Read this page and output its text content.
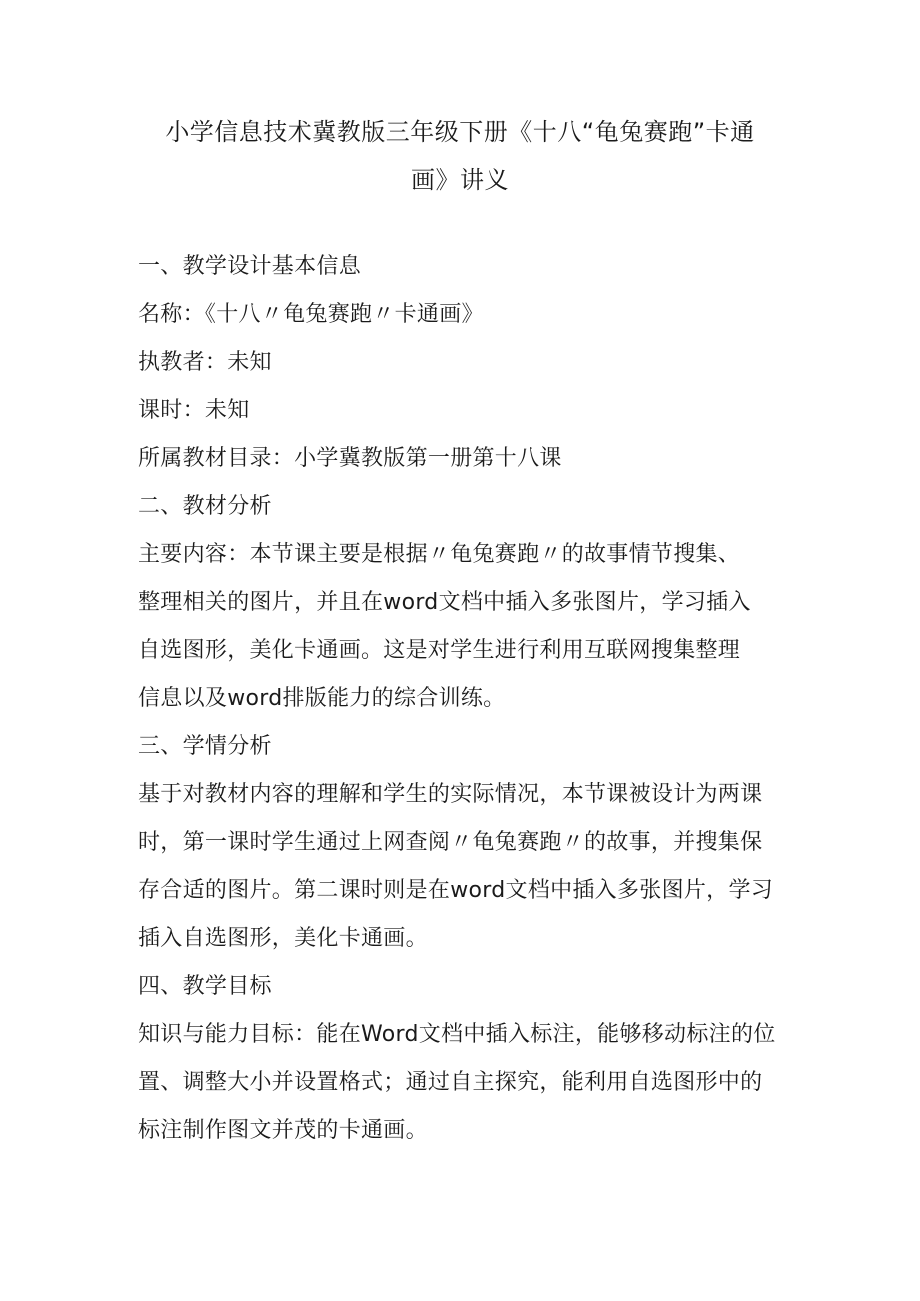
小学信息技术冀教版三年级下册《十八“龟兔赛跑”卡通
画》讲义
一、教学设计基本信息
名称：《十八〃龟兔赛跑〃卡通画》
执教者：未知
课时：未知
所属教材目录：小学冀教版第一册第十八课
二、教材分析
主要内容：本节课主要是根据〃龟兔赛跑〃的故事情节搜集、
整理相关的图片，并且在word文档中插入多张图片，学习插入
自选图形，美化卡通画。这是对学生进行利用互联网搜集整理
信息以及word排版能力的综合训练。
三、学情分析
基于对教材内容的理解和学生的实际情况，本节课被设计为两课
时，第一课时学生通过上网查阅〃龟兔赛跑〃的故事，并搜集保
存合适的图片。第二课时则是在word文档中插入多张图片，学习
插入自选图形，美化卡通画。
四、教学目标
知识与能力目标：能在Word文档中插入标注，能够移动标注的位
置、调整大小并设置格式；通过自主探究，能利用自选图形中的
标注制作图文并茂的卡通画。
